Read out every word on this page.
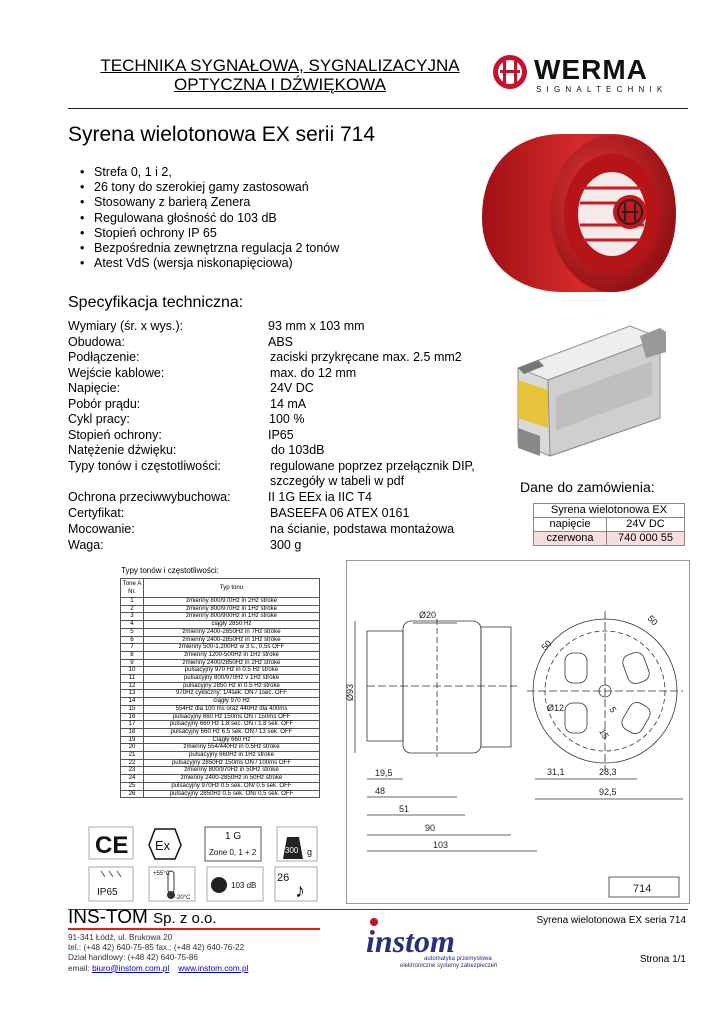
TECHNIKA SYGNAŁOWA, SYGNALIZACYJNA
OPTYCZNA I DŹWIĘKOWA	WERMA
SIGNALTECHNIK
Syrena wielotonowa EX serii 714
• Strefa 0, 1 i 2,
• 26 tony do szerokiej gamy zastosowań
• Stosowany z barierą Zenera
• Regulowana głośność do 103 dB
• Stopień ochrony IP 65
• Bezpośrednia zewnętrzna regulacja 2 tonów
• Atest VdS (wersja niskonapięciowa)
Specyfikacja techniczna:
Wymiary (śr. x wys.):	93 mm x 103 mm
Obudowa:	ABS
Podłączenie:	zaciski przykręcane max. 2.5 mm2
Wejście kablowe:	max. do 12 mm
Napięcie:	24V DC
Pobór prądu:	14 mA
Cykl pracy:	100 %
Stopień ochrony:	IP65
Natężenie dźwięku:	do 103dB
Typy tonów i częstotliwości:	regulowane poprzez przełącznik DIP,
szczegóły w tabeli w pdf
Ochrona przeciwwybuchowa:	II 1G EEx ia IIC T4
Certyfikat:	BASEEFA 06 ATEX 0161
Mocowanie:	na ścianie, podstawa montażowa
Waga:	300 g
Dane do zamówienia:
Syrena wielotonowa EX	
napięcie	24V DC
czerwona	740 000 55
Typy tonów i częstotliwości:
Tone A
Nr.	Typ tonu
1	zmienny 800/970Hz in 2Hz stroke
2	zmienny 800/970Hz in 1Hz stroke
3	zmienny 800/900Hz in 1Hz stroke
4	ciągły 2850 Hz
5	zmienny 2400-2850Hz in 7Hz stroke
6	zmienny 2400-2850Hz in 1Hz stroke
7	zmienny 500-1,200Hz w 3 s., 0,5s OFF
8	zmienny 1200-500Hz in 1Hz stroke
9	zmienny 2400/2850Hz in 2Hz stroke
10	pulsacyjny 970 Hz in 0.5 Hz stroke
11	pulsacyjny 800/970Hz v 1Hz stroke
12	pulsacyjny 2850 Hz in 0.5 Hz stroke
13	970Hz cykliczny: 1/4sek. ON / 1sec. OFF
14	ciągły 970 Hz
15	554Hz dla 100 ms oraz 440Hz dla 400ms
16	pulsacyjny 660 Hz 150ms ON / 150ms OFF
17	pulsacyjny 660 Hz 1.8 sec. ON / 1.8 sek. OFF
18	pulsacyjny 660 Hz 6.5 sek. ON / 13 sek. OFF
19	Ciągły 660 Hz
20	zmienny 554/440Hz in 0.5Hz stroke
21	pulsacyjny 660Hz in 1Hz stroke
22	pulsacyjny 2850Hz 150ms ON / 100ms OFF
23	zmienny 800/970Hz in 50Hz stroke
24	zmienny 2400-2850Hz in 50Hz stroke
25	pulsacyjny 970Hz 0.5 sek. ON/ 0.5 sek. OFF
26	pulsacyjny 2850Hz 0.5 sek. ON/ 0.5 sek. OFF
Ø20
Ø93
Ø12
50
50
5
15
19,5
48
51
90
103
31,1	28,3
92,5
714
CE Ex
1 G
Zone 0, 1 + 2	300 g
IP65
+55°C
-20°C
103 dB
26
♪
INS-TOM Sp. z o.o.
91-341 Łódź, ul. Brukowa 20
tel.: (+48 42) 640-75-85 fax.: (+48 42) 640-76-22
Dział handlowy: (+48 42) 640-75-86
email: biuro@instom.com.pl www.instom.com.pl
instom
automatyka przemysłowa
elektroniczne systemy zabezpieczeń
Syrena wielotonowa EX seria 714
Strona 1/1
